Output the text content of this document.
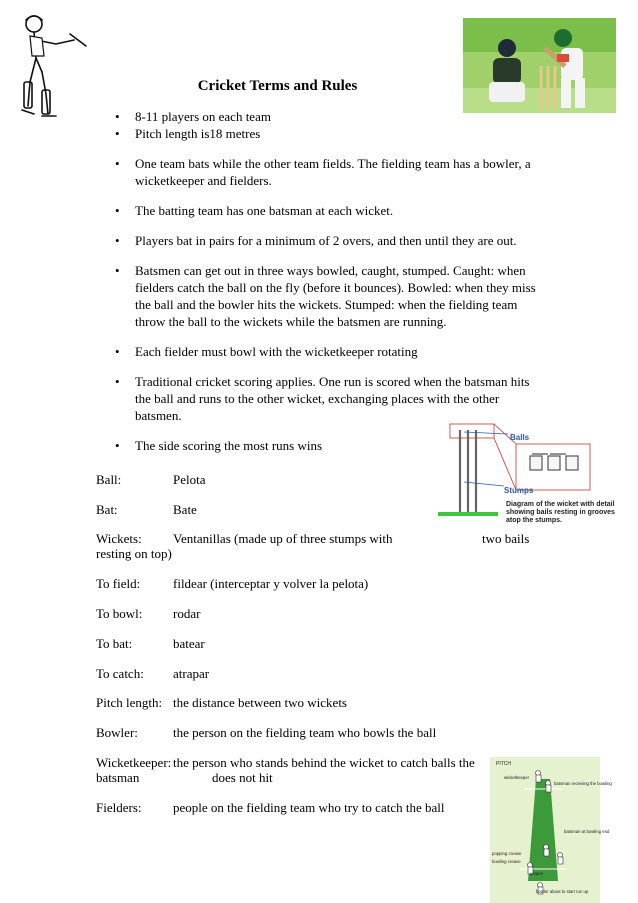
Cricket Terms and Rules
• 8-11 players on each team
• Pitch length is18 metres
• One team bats while the other team fields. The fielding team has a bowler, a wicketkeeper and fielders.
• The batting team has one batsman at each wicket.
• Players bat in pairs for a minimum of 2 overs, and then until they are out.
• Batsmen can get out in three ways bowled, caught, stumped. Caught: when fielders catch the ball on the fly (before it bounces). Bowled: when they miss the ball and the bowler hits the wickets. Stumped: when the fielding team throw the ball to the wickets while the batsmen are running.
• Each fielder must bowl with the wicketkeeper rotating
• Traditional cricket scoring applies. One run is scored when the batsman hits the ball and runs to the other wicket, exchanging places with the other batsmen.
• The side scoring the most runs wins
Balls
Stumps
Diagram of the wicket with detail showing bails resting in grooves atop the stumps.
Ball:	Pelota
Bat:	Bate
Wickets: Ventanillas (made up of three stumps with	two bails
resting on top)
To field:	fildear (interceptar y volver la pelota)
To bowl: rodar
To bat:	batear
To catch: atrapar
Pitch length: the distance between two wickets
Bowler:	the person on the fielding team who bowls the ball
Wicketkeeper: the person who stands behind the wicket to catch balls the
batsman	does not hit
Fielders: people on the fielding team who try to catch the ball
PITCH
wicketkeeper
batsman receiving the bowling
batsman at bowling end
popping crease
bowling crease
umpire
bowler about to start run up
